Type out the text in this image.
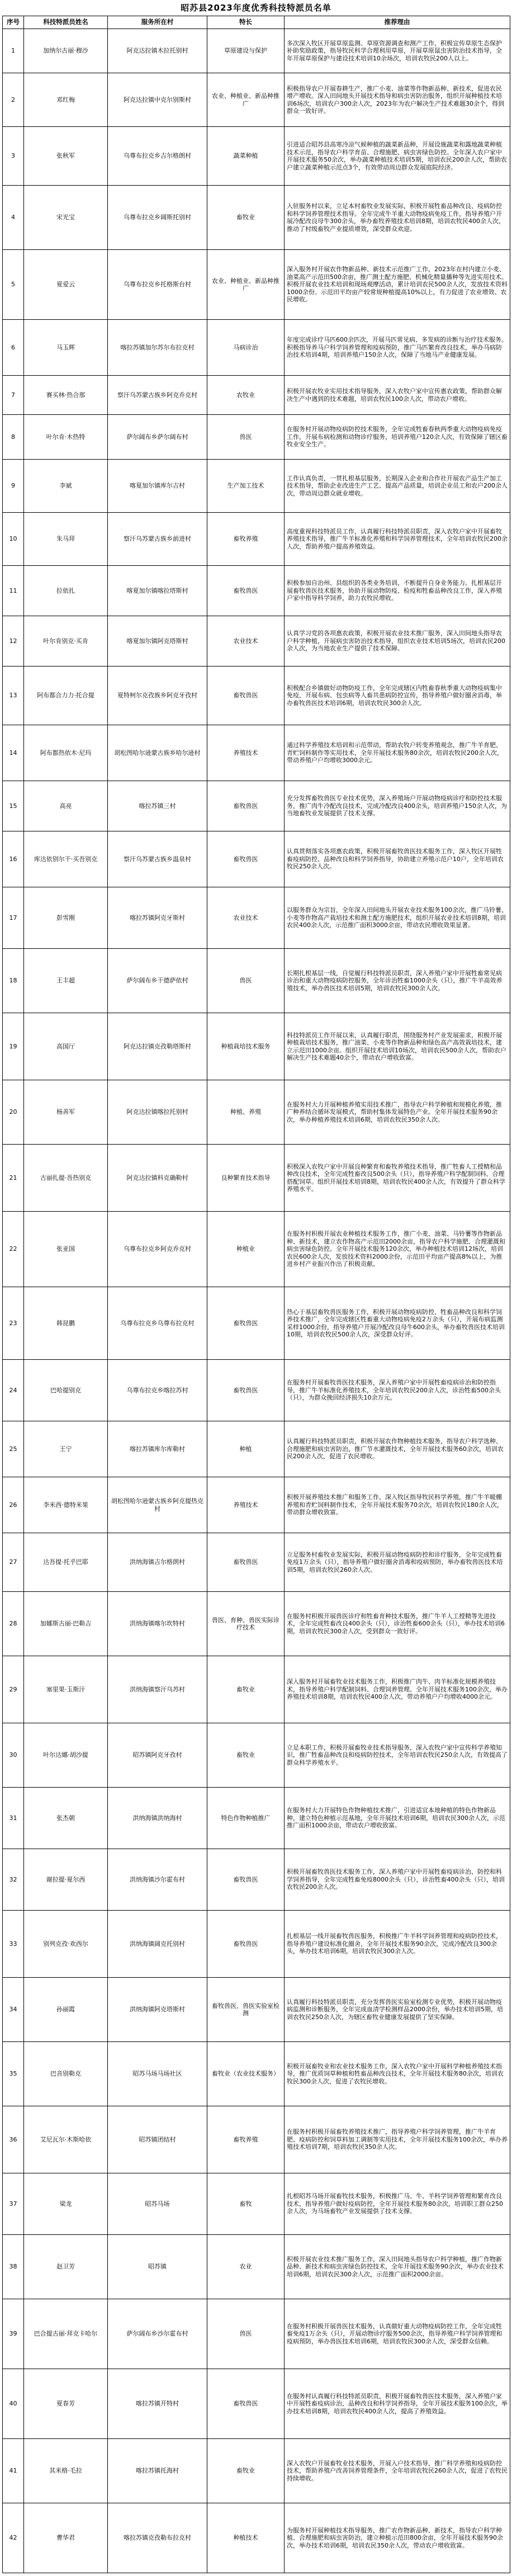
昭苏县2023年度优秀科技特派员名单
序号	科技特派员姓名	服务所在村	特长	推荐理由
1	加纳尔古丽·穆沙	阿克达拉镇木拉托别村	草原建设与保护	多次深入牧区开展草原监测、草原资源调查和测产工作，积极宣传草原生态保护补助奖励政策，指导牧民科学合理利用草原，开展草原鼠虫害防治技术指导，全年开展草原保护与建设技术培训10余场次，培训农牧民200人以上。
2	邓红梅	阿克达拉镇中克尔别斯村	农业、种植业、新品种推广	积极指导农户开展春耕生产，推广小麦、油菜等作物新品种、新技术，促进农民增产增收。深入田间地头开展技术指导和病虫害防治服务，组织开展种植技术培训6场次，培训农户300余人次，2023年为农户解决生产技术难题30余个，得到群众一致好评。
3	张秋军	乌尊布拉克乡吉尔格朗村	蔬菜种植	引进适合昭苏县高寒冷凉气候种植的蔬菜新品种，开展设施蔬菜和露地蔬菜种植技术示范，指导农户科学育苗、合理施肥、病虫害绿色防控。全年深入农户家中开展技术服务50余次，举办蔬菜种植技术培训5期，培训农民200余人次，帮助农户建立蔬菜种植示范点3个，有效带动周边群众发展庭院经济。
4	宋光宝	乌尊布拉克乡阔斯托别村	畜牧业	入驻服务村以来，立足本村畜牧业发展实际，积极开展牲畜品种改良、疫病防控和科学饲养管理技术指导。全年完成牛羊重大动物疫病免疫工作，指导养殖户开展冷配改良母牛300余头，举办畜牧养殖技术培训8期，培训农牧民400余人次，推动了村级畜牧产业提质增效，深受群众欢迎。
5	夏爱云	乌尊布拉克乡托格斯台村	农业、种植业、新品种推广	深入服务村开展农作物新品种、新技术示范推广工作，2023年在村内建立小麦、油菜高产示范田500余亩，推广测土配方施肥、机械化精量播种等先进实用技术。积极开展农业技术培训和现场观摩活动，累计培训农民500余人次，发放技术资料1000余份。示范田平均亩产较常规种植提高10%以上，有力促进了农业增效、农民增收。
6	马玉辉	喀拉苏镇加尔苏尔布拉克村	马病诊治	年度完成诊疗马匹600余匹次，开展马匹常见病、多发病的诊断与治疗技术服务。积极指导养马户科学饲养管理和疫病预防，推广马匹繁育改良技术，举办马病防治技术培训4期，培训养殖户150余人次，保障了当地马产业健康发展。
7	赛买林·热合那	察汗乌苏蒙古族乡阿克乔克村	农牧业	积极开展农牧业实用技术指导服务，深入农牧户家中宣传惠农政策，帮助群众解决生产中遇到的技术难题，培训农牧民100余人次，带动农户增收。
8	叶尔肯·木热特	萨尔阔布乡萨尔阔布村	兽医	在服务村开展动物疫病防控技术服务，全年完成牲畜春秋两季重大动物疫病免疫工作，开展布病检测和动物诊疗服务，培训养殖户120余人次，有效保障了辖区畜牧业安全生产。
9	李斌	喀夏加尔镇库尔吉村	生产加工技术	工作认真负责，一贯扎根基层服务，长期深入企业和合作社开展农产品生产加工技术指导，帮助企业改进生产工艺、提高产品质量，培训企业员工和农户200余人次，带动周边群众就业增收。
10	朱马拜	察汗乌苏蒙古族乡前进村	畜牧养殖	高度重视科技特派员工作，认真履行科技特派员职责，深入农牧户家中开展畜牧养殖技术指导，推广牛羊标准化养殖和科学饲养管理技术，全年培训农牧民200余人次，帮助养殖户提高养殖效益。
11	拉依扎	喀夏加尔镇喀拉塔斯村	畜牧兽医	积极参加自治州、县组织的各类业务培训，不断提升自身业务能力。扎根基层开展畜牧兽医技术服务，协助开展动物防疫、检疫和牲畜品种改良工作，深入养殖户家中指导科学饲养，助力农牧民增收。
12	叶尔肯别克·买肯	喀夏加尔镇阿克塔斯村	农业技术	认真学习党的各项惠农政策，积极开展农业技术推广服务，深入田间地头指导农户科学种植，开展病虫害防治技术指导，组织农业技术培训5场次，培训农民200余人次，为当地农业生产提供了技术保障。
13	阿布都合力力·托合提	夏特柯尔克孜族乡阿克牙孜村	畜牧兽医	积极配合乡镇做好动物防疫工作，全年完成辖区内牲畜春秋季重大动物疫病集中免疫，开展布病、包虫病等人畜共患病防控宣传，指导养殖户做好圈舍消毒，举办畜牧兽医技术培训6期，培训农牧民300余人次。
14	阿布都热依木·尼玛	胡松图哈尔逊蒙古族乡哈尔逊村	养殖技术	通过科学养殖技术培训和示范带动，帮助农牧户转变养殖观念，推广牛羊育肥、青贮饲料制作等实用技术，全年开展技术服务80余次，培训农牧民200余人次，带动养殖户户均增收3000余元。
15	高亮	喀拉苏镇三村	畜牧兽医	充分发挥畜牧兽医专业技术优势，深入养殖场户开展动物疫病诊疗和防控技术服务，推广肉牛冷配改良技术，完成冷配改良400余头，培训养殖户150余人次，为当地畜牧业发展提供了技术支撑。
16	库达依别尔干·买吾别克	察汗乌苏蒙古族乡温泉村	畜牧兽医	认真贯彻落实各项惠农政策，积极开展畜牧兽医技术服务工作，深入牧区开展牲畜疫病防控、品种改良和科学饲养指导，协助建立养殖示范户10户，全年培训农牧民250余人次。
17	彭雪刚	喀拉苏镇阿克牙斯村	农业技术	以服务群众为宗旨，全年深入田间地头开展农业技术服务100余次，推广马铃薯、小麦等作物高产栽培技术和测土配方施肥技术，组织开展农业技术培训8期，培训农民400余人次，示范推广面积3000余亩，带动农民增收效果显著。
18	王丰超	萨尔阔布乡干德萨依村	兽医	长期扎根基层一线，自觉履行科技特派员职责，深入养殖户家中开展牲畜常见病诊治和重大动物疫病防控服务，全年诊治牲畜1000余头（只），推广牛羊高效养殖技术，举办兽医技术培训5期，培训农牧民300余人次。
19	高国厅	阿克达拉镇克孜勒塔斯村	种植栽培技术服务	科技特派员工作开展以来，认真履行职责，围绕服务村产业发展需求，积极开展种植栽培技术服务，推广油菜、小麦等作物新品种和绿色高产高效栽培技术，建立示范田1000余亩。组织开展技术培训10场次，培训农民500余人次，帮助农户解决生产技术难题40余个，带动农户增收致富。
20	杨善军	阿克达拉镇喀拉托别村	种植、养殖	在服务村大力开展种植养殖实用技术推广，指导农户科学种植和规模化养殖，推广种养结合循环发展模式，帮助村集体发展特色产业。全年开展技术服务90余次，举办种植养殖技术培训6期，培训农牧民350余人次。
21	古丽扎提·吾热别克	阿克达拉镇科克确勒村	良种繁育技术指导	积极深入农牧户家中开展良种繁育和畜牧养殖技术指导，推广牲畜人工授精和品种改良技术，全年完成牲畜改良500余头（只），指导养殖户科学配制饲料、合理搭配饲草。组织开展技术培训8期，培训农牧民400余人次，有效提升了群众科学养殖水平。
22	张亚国	乌尊布拉克乡阿克乔克村	种植业	在服务村积极开展农业种植技术服务工作，推广小麦、油菜、马铃薯等作物新品种、新技术，建立农作物高产示范田2000余亩，指导农户科学施肥、合理灌溉和病虫害绿色防控。全年开展技术服务120余次，举办种植技术培训12场次，培训农民600余人次，发放技术资料2000余份，示范田平均亩产提高8%以上，为推进乡村产业振兴作出了积极贡献。
23	韩昆鹏	乌尊布拉克乡乌尊布拉克村	畜牧兽医	热心于基层畜牧兽医服务工作，积极开展动物疫病防控、牲畜品种改良和科学饲养技术推广，全年完成辖区牲畜重大动物疫病免疫2万余头（只），开展布病监测采样1000余份，指导养殖户开展冷配改良母牛600余头，举办畜牧兽医技术培训10期，培训农牧民500余人次，深受群众好评。
24	巴哈提别克	乌尊布拉克乡喀拉苏村	畜牧兽医	在服务村开展畜牧兽医技术服务，深入养殖户家中开展牲畜疫病诊治和防控指导，推广牛羊标准化养殖技术，全年培训农牧民200余人次，诊治牲畜500余头（只），为群众挽回经济损失10余万元。
25	王宁	喀拉苏镇库尔库勒村	种植	认真履行科技特派员职责，积极开展农作物种植技术服务，指导农户科学选种、合理施肥和病虫害防治，推广节水灌溉技术，全年开展技术服务60余次，培训农民200余人次，促进了农民增收。
26	李米西·德特米果	胡松图哈尔逊蒙古族乡阿克提热克村	养殖技术	积极开展养殖技术推广和服务工作，深入牧区指导牧民科学养殖，推广牛羊暖棚养殖和青贮饲料制作技术，全年开展技术服务70余次，培训农牧民180余人次，带动群众增收致富。
27	达吾提·托乎巴耶	洪纳海镇吉尔格朗村	畜牧兽医	立足服务村畜牧业发展实际，积极开展动物疫病防控和诊疗服务，全年完成牲畜免疫1万余头（只），指导养殖户做好圈舍消毒和疫病预防，举办畜牧兽医技术培训5期，培训农牧民260余人次。
28	加娜斯古丽·巴勒吉	洪纳海镇喀尔坎特村	兽医、育种、兽医实际诊疗技术	在服务村积极开展兽医诊疗和牲畜育种技术服务，推广牛羊人工授精等先进技术，全年完成牲畜改良400余头（只），诊治牲畜600余头（只），举办技术培训6期，培训农牧民300余人次，受到群众一致好评。
29	塞里果·玉斯汗	洪纳海镇察汗乌苏村	畜牧业	深入服务村开展畜牧业技术服务工作，积极推广肉牛、肉羊标准化规模养殖技术，指导养殖户科学配制饲料、合理饲养管理。全年开展技术服务100余次，举办养殖技术培训8期，培训农牧民400余人次，带动养殖户户均增收4000余元。
30	叶尔达娜·胡沙提	昭苏镇阿克牙孜村	畜牧业	立足本职工作，积极开展畜牧业技术指导服务，深入农牧户家中宣传科学养殖知识，推广牲畜品种改良和疫病防控技术，全年培训农牧民250余人次，有效提高了群众科学养殖水平。
31	张杰朝	洪纳海镇洪纳海村	特色作物种植推广	在服务村大力开展特色作物种植技术推广，引进适宜本地种植的特色作物新品种，建立特色种植示范基地，全年开展技术培训6期，培训农民300余人次，示范推广面积1000余亩，带动农户增收致富。
32	谢拉提·夏尔西	洪纳海镇沙尔霍布村	畜牧兽医	积极开展畜牧兽医技术服务工作，深入养殖户家中开展牲畜疫病诊治、防控和科学饲养指导，全年完成牲畜免疫8000余头（只），诊治牲畜400余头（只），培训农牧民200余人次。
33	别列克孜·欢西尔	洪纳海镇阔克托别村	畜牧兽医	扎根基层一线开展畜牧兽医服务，积极推广牛羊科学饲养管理和疫病防控技术，指导养殖户建设标准化圈舍，全年开展技术服务90余次，完成冷配改良300余头，举办技术培训6期，培训农牧民300余人次。
34	孙丽霞	洪纳海镇阿克塔斯村	畜牧兽医、兽医实验室检测	认真履行科技特派员职责，充分发挥兽医实验室检测专业优势，积极开展动物疫病监测和诊断服务，全年完成血清学检测样品2000余份，举办技术培训5期，培训农牧民250余人次，为辖区畜牧业健康发展提供了坚实保障。
35	巴音别勒克	昭苏马场马场社区	畜牧业（农业技术服务）	积极开展畜牧业和农业技术服务工作，深入农牧户家中开展科学种植养殖技术指导，推广优质饲草种植和牲畜品种改良技术，全年开展技术服务80余次，培训农牧民300余人次，促进了农牧民增收。
36	艾尼瓦尔·木斯哈依	昭苏镇团结村	畜牧养殖	在服务村积极开展畜牧养殖技术推广，指导养殖户科学饲养管理，推广牛羊育肥、疫病防控和饲草料加工调制等实用技术，全年开展技术服务100余次，举办养殖技术培训7期，培训农牧民350余人次。
37	梁龙	昭苏马场	畜牧	扎根昭苏马场开展畜牧技术服务，积极推广马、牛、羊科学饲养管理和繁育改良技术，指导养殖户做好疫病防控，全年开展技术服务80余次，培训职工群众250余人次，为马场畜牧产业发展提供了技术支撑。
38	赵卫芳	昭苏镇	农业	积极开展农业技术推广服务工作，深入田间地头指导农户科学种植，推广作物新品种、新技术和病虫害绿色防控技术，全年开展技术服务90余次，举办农业技术培训6期，培训农民300余人次，示范推广面积2000余亩。
39	巴合提古丽·拜克卡哈尔	萨尔阔布乡沙尔霍布村	兽医	在服务村积极开展兽医技术服务，认真做好重大动物疫病防控工作，全年完成牲畜免疫1万余头（只），开展动物诊疗服务500余次，指导养殖户科学饲养管理和疫病预防，举办兽医技术培训6期，培训农牧民300余人次，深受群众信赖。
40	夏春芳	喀拉苏镇开特村	畜牧兽医	在服务村认真履行科技特派员职责，积极开展畜牧兽医技术服务，深入养殖户家中开展牲畜疫病诊治、品种改良和科学饲养指导，全年开展技术服务100余次，举办技术培训8期，培训农牧民400余人次，提高了养殖效益。
41	其米格·毛拉	喀拉苏镇托海村	畜牧业	深入农牧户开展畜牧业技术服务，开展入户技术指导，推广科学养殖和疫病防控技术，帮助养殖户改善饲养管理条件，全年培训农牧民260余人次，促进了农牧民持续增收。
42	曹华君	喀拉苏镇克孜勒布拉克村	种植技术	为服务村开展种植技术指导服务，推广农作物新品种、新技术，指导农户科学种植、合理施肥和病虫害防治，建立种植示范田800余亩，全年开展技术服务90余次，举办技术培训6期，培训农民350余人次，带动农户增收致富。
